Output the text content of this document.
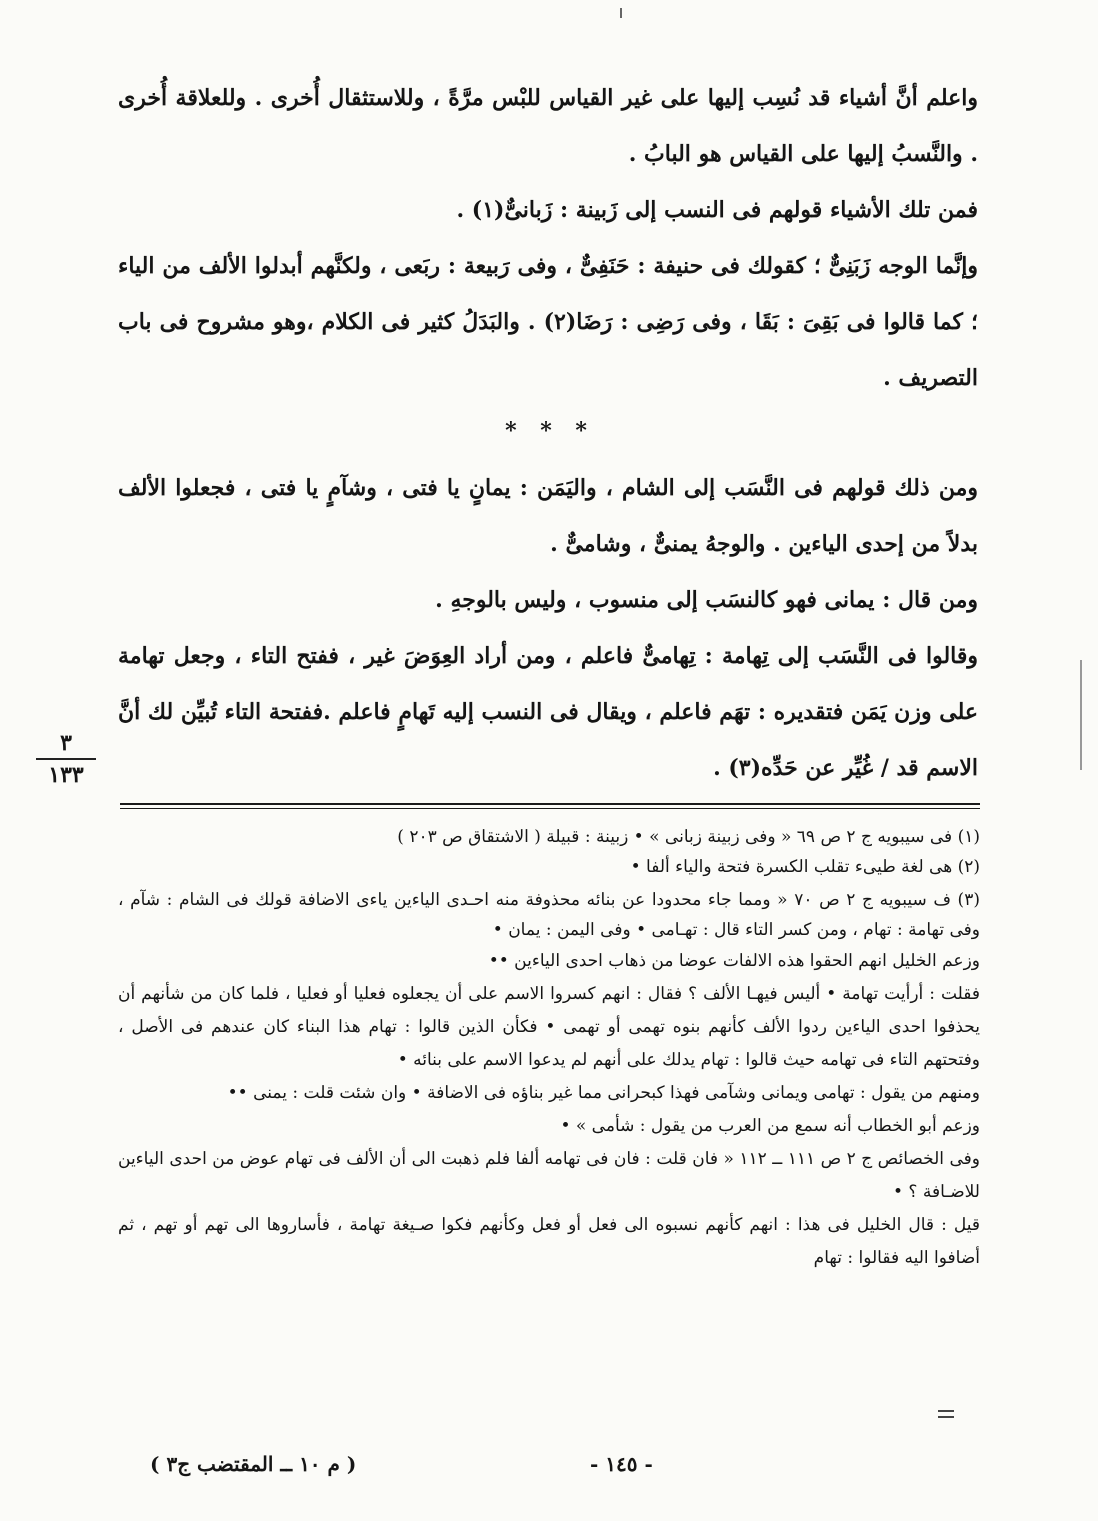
واعلم أنَّ أشياء قد نُسِب إليها على غير القياس للبْس مرَّةً ، وللاستثقال أُخرى . وللعلاقة أُخرى . والنَّسبُ إليها على القياس هو البابُ .

فمن تلك الأشياء قولهم فى النسب إلى زَبينة : زَبانىٌّ(١) .

وإنَّما الوجه زَبَنِىٌّ ؛ كقولك فى حنيفة : حَنَفِىٌّ ، وفى رَبيعة : ربَعى ، ولكنَّهم أبدلوا الألف من الياء ؛ كما قالوا فى بَقِىَ : بَقَا ، وفى رَضِى : رَضَا(٢) . والبَدَلُ كثير فى الكلام ،وهو مشروح فى باب التصريف .

* * *

ومن ذلك قولهم فى النَّسَب إلى الشام ، واليَمَن : يمانٍ يا فتى ، وشآمٍ يا فتى ، فجعلوا الألف بدلاً من إحدى الياءين . والوجهُ يمنىٌّ ، وشامىٌّ .

ومن قال : يمانى فهو كالنسَب إلى منسوب ، وليس بالوجهِ .

وقالوا فى النَّسَب إلى تِهامة : تِهامىٌّ فاعلم ، ومن أراد العِوَضَ غير ، ففتح التاء ، وجعل تهامة على وزن يَمَن فتقديره : تهَم فاعلم ، ويقال فى النسب إليه تَهامٍ فاعلم .ففتحة التاء تُبيِّن لك أنَّ الاسم قد / غُيِّر عن حَدِّه(٣) .

٣
١٣٣

(١) فى سيبويه ج ٢ ص ٦٩ « وفى زبينة زبانى » • زبينة : قبيلة ( الاشتقاق ص ٢٠٣ )

(٢) هى لغة طيىء تقلب الكسرة فتحة والياء ألفا •

(٣) ف سيبويه ج ٢ ص ٧٠ « ومما جاء محدودا عن بنائه محذوفة منه احـدى الياءين ياءى الاضافة قولك فى الشام : شآم ، وفى تهامة : تهام ، ومن كسر التاء قال : تهـامى • وفى اليمن : يمان •

وزعم الخليل انهم الحقوا هذه الالفات عوضا من ذهاب احدى الياءين ••

فقلت : أرأيت تهامة • أليس فيهـا الألف ؟ فقال : انهم كسروا الاسم على أن يجعلوه فعليا أو فعليا ، فلما كان من شأنهم أن يحذفوا احدى الياءين ردوا الألف كأنهم بنوه تهمى أو تهمى • فكأن الذين قالوا : تهام هذا البناء كان عندهم فى الأصل ، وفتحتهم التاء فى تهامه حيث قالوا : تهام يدلك على أنهم لم يدعوا الاسم على بنائه •

ومنهم من يقول : تهامى ويمانى وشآمى فهذا كبحرانى مما غير بناؤه فى الاضافة • وان شئت قلت : يمنى ••

وزعم أبو الخطاب أنه سمع من العرب من يقول : شأمى » •

وفى الخصائص ج ٢ ص ١١١ ــ ١١٢ « فان قلت : فان فى تهامه ألفا فلم ذهبت الى أن الألف فى تهام عوض من احدى الياءين للاضـافة ؟ •

قيل : قال الخليل فى هذا : انهم كأنهم نسبوه الى فعل أو فعل وكأنهم فكوا صـيغة تهامة ، فأساروها الى تهم أو تهم ، ثم أضافوا اليه فقالوا : تهام

- ١٤٥ -
( م ١٠ ــ المقتضب ج٣ )
